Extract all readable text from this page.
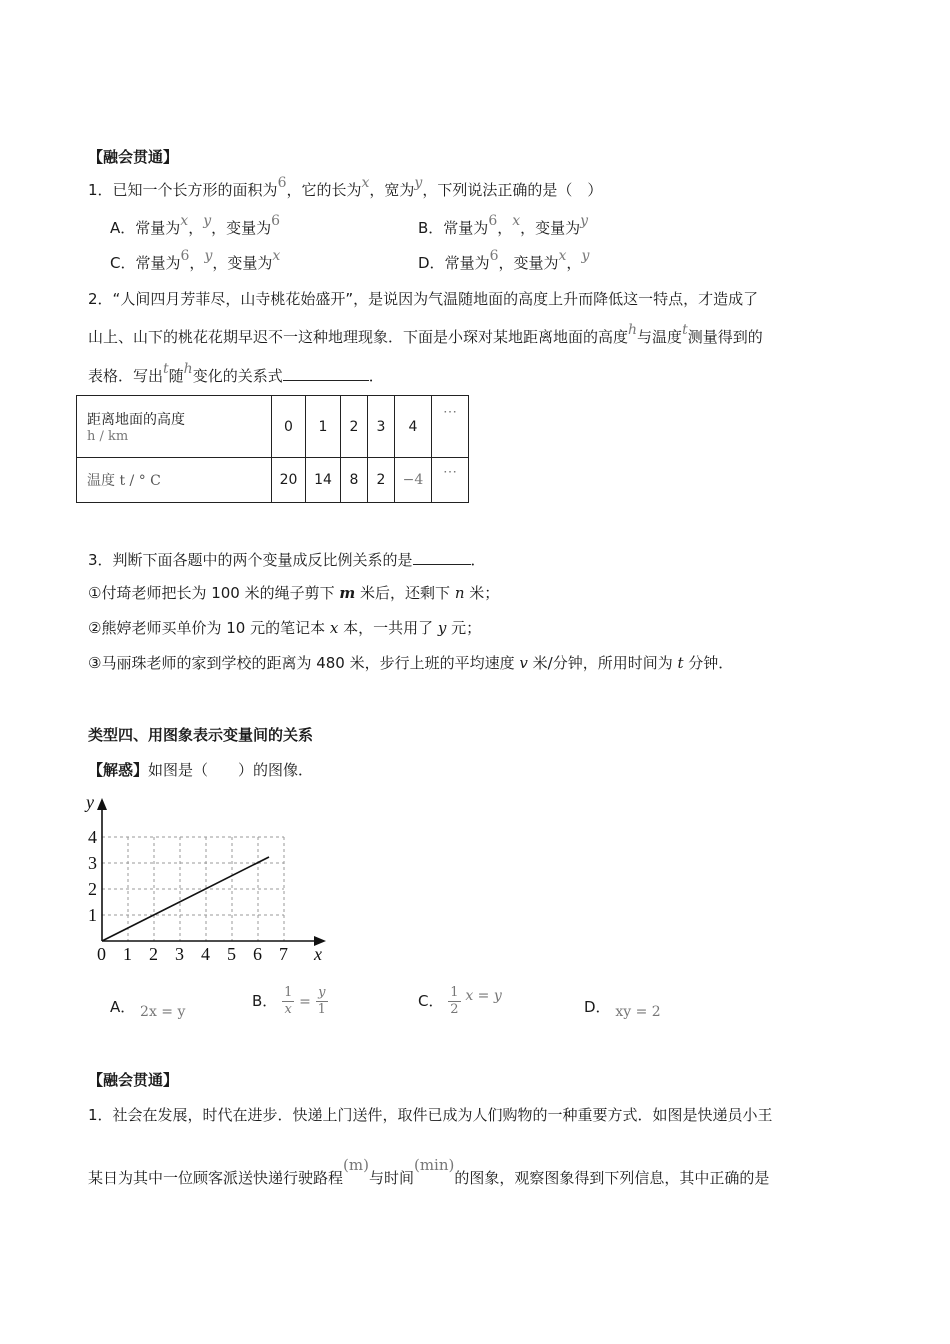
【融会贯通】
1．已知一个长方形的面积为6，它的长为x，宽为y，下列说法正确的是（　）
A．常量为x，y，变量为6	B．常量为6，x，变量为y
C．常量为6，y，变量为x	D．常量为6，变量为x，y
2．“人间四月芳菲尽，山寺桃花始盛开”，是说因为气温随地面的高度上升而降低这一特点，才造成了
山上、山下的桃花花期早迟不一这种地理现象．下面是小琛对某地距离地面的高度h与温度t测量得到的
表格．写出t随h变化的关系式	．
距离地面的高度
h / km	0	1	2	3	4	⋯
温度 t / ° C	20	14	8	2	−4	⋯
3．判断下面各题中的两个变量成反比例关系的是	．
①付琦老师把长为 100 米的绳子剪下 m 米后，还剩下 n 米；
②熊婷老师买单价为 10 元的笔记本 x 本，一共用了 y 元；
③马丽珠老师的家到学校的距离为 480 米，步行上班的平均速度 v 米/分钟，所用时间为 t 分钟．
类型四、用图象表示变量间的关系
【解惑】如图是（　　）的图像．
y
x
1
2
3
4
0 1 2 3 4 5 6 7
A． 2x = y
B． $\frac{1}{x} = \frac{y}{1}$	C． $\frac{1}{2}$ x = y
D． xy = 2
【融会贯通】
1．社会在发展，时代在进步．快递上门送件，取件已成为人们购物的一种重要方式．如图是快递员小王
某日为其中一位顾客派送快递行驶路程(m)与时间(min)的图象，观察图象得到下列信息，其中正确的是
